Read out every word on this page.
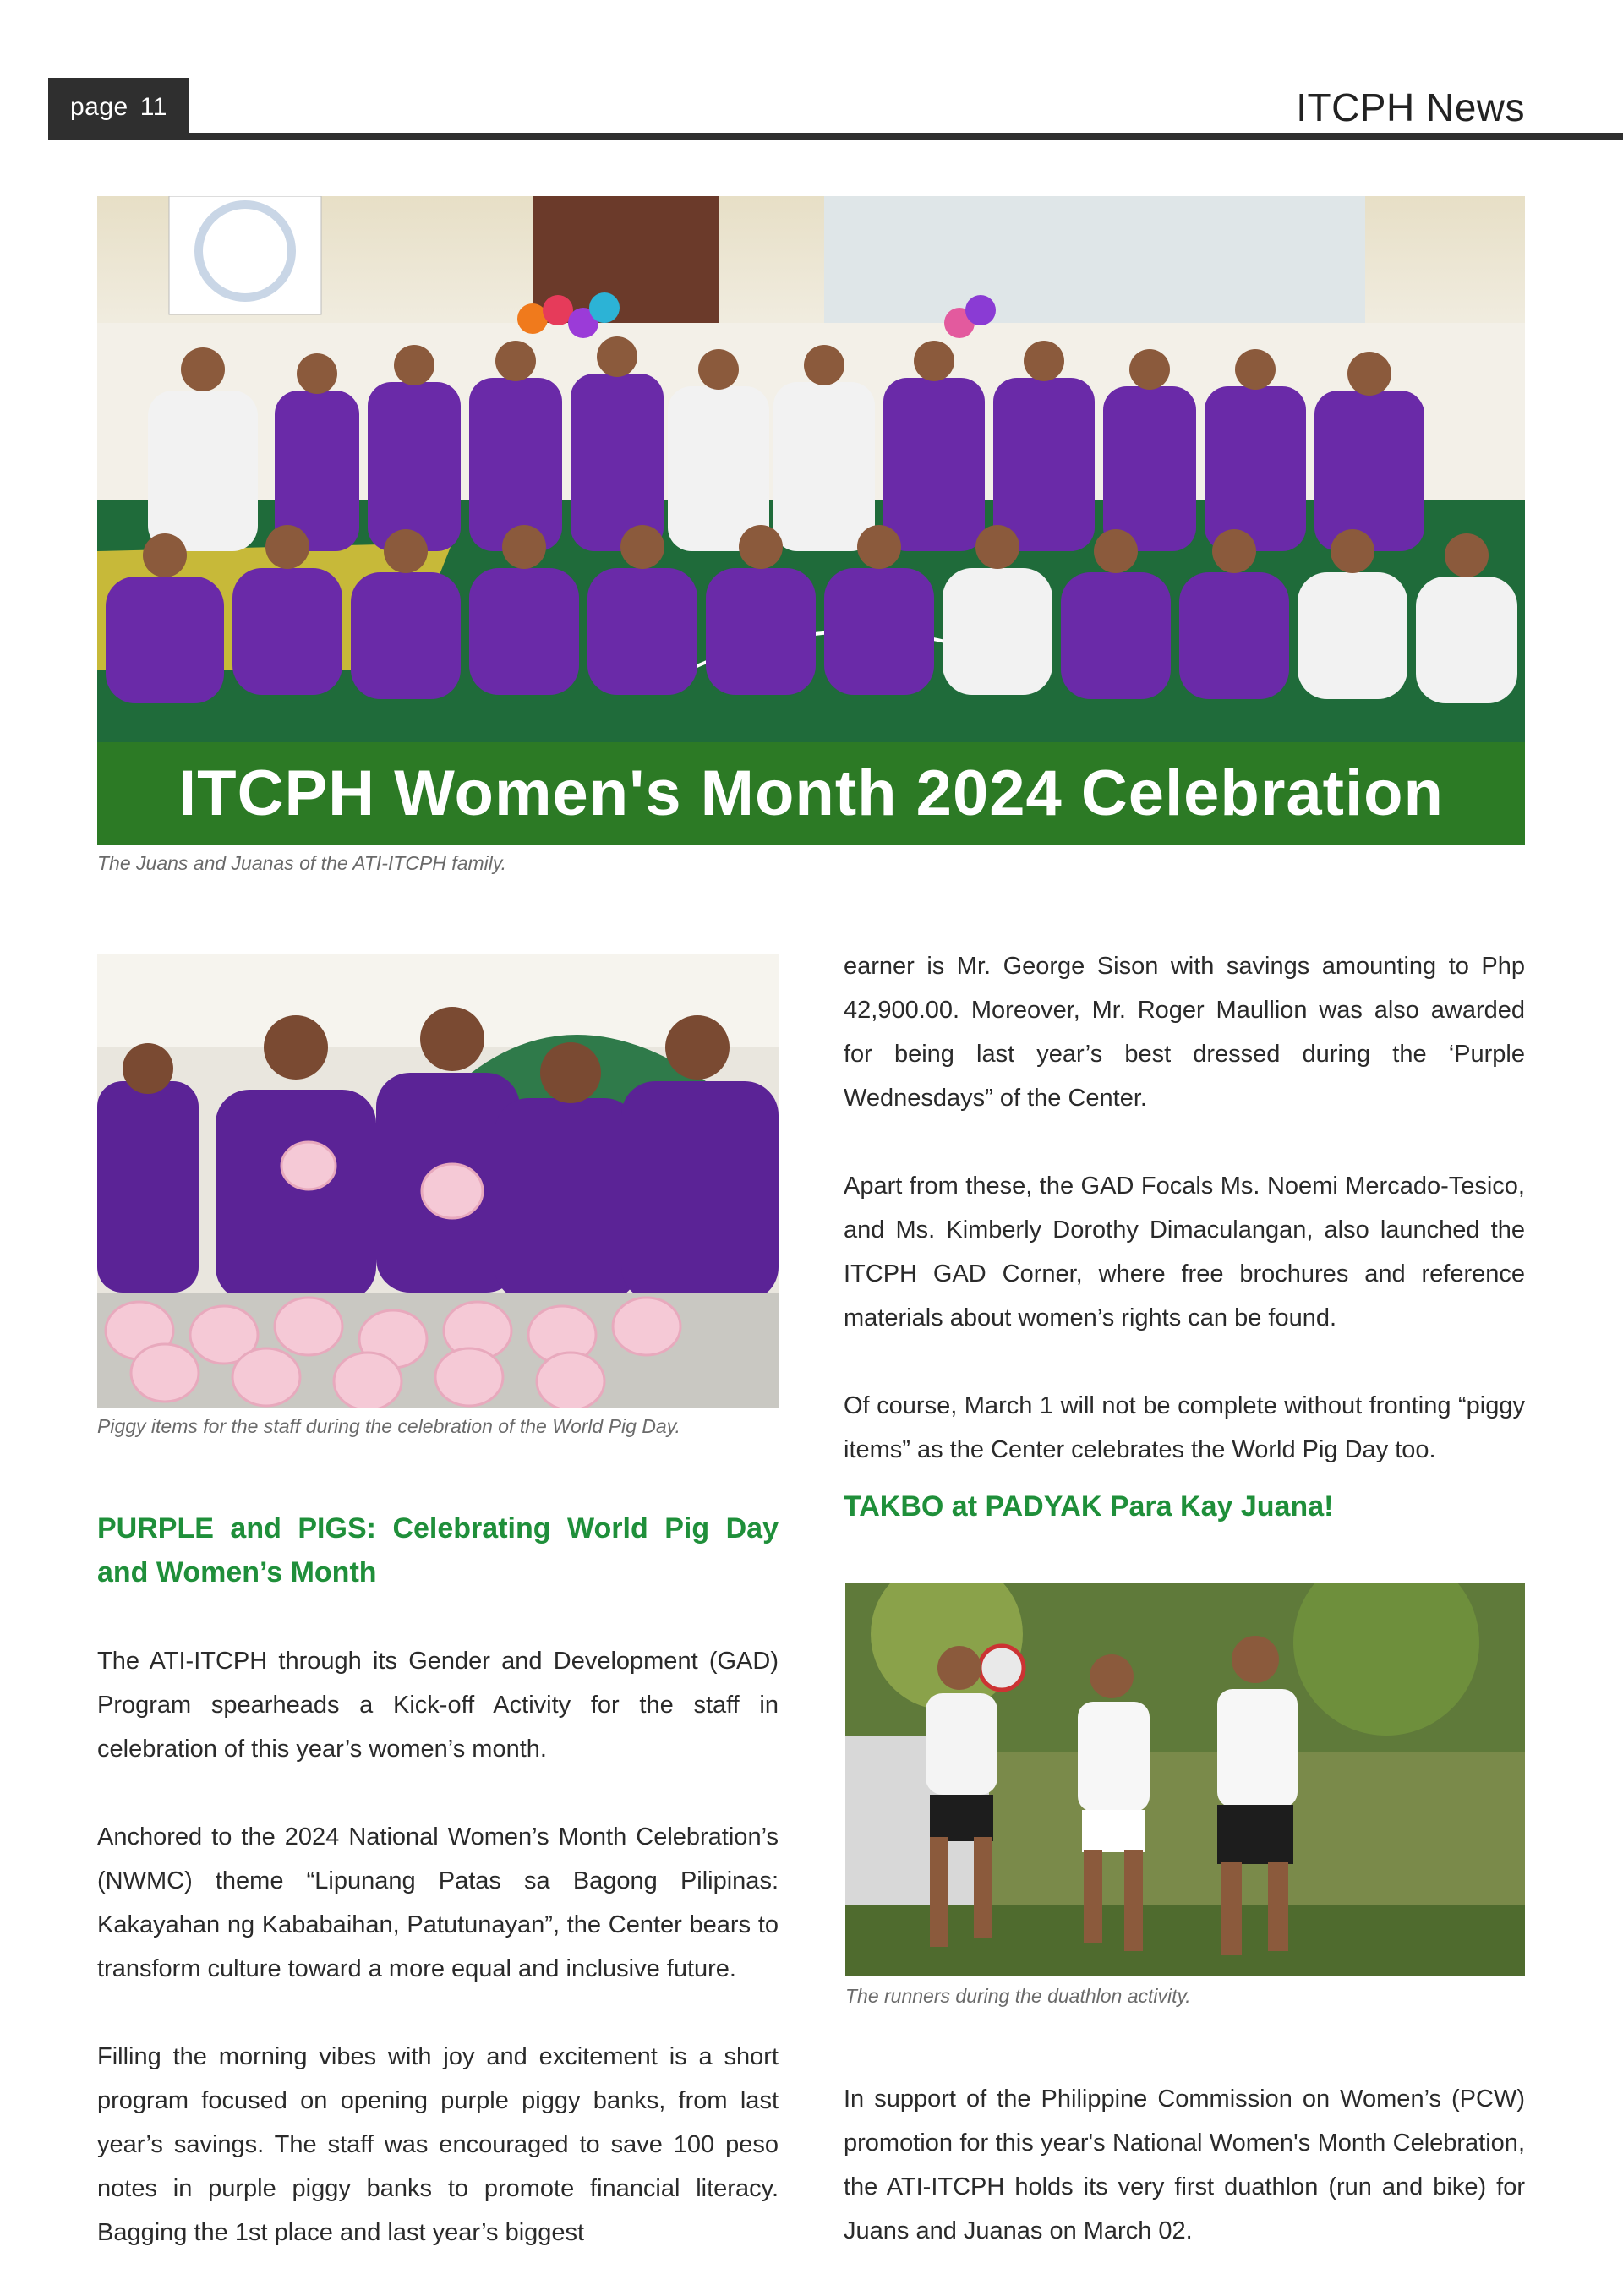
page 11	ITCPH News
ITCPH Women's Month 2024 Celebration
The Juans and Juanas of the ATI-ITCPH family.
Piggy items for the staff during the celebration of the World Pig Day.
PURPLE and PIGS: Celebrating World Pig Day and Women’s Month

The ATI-ITCPH through its Gender and Development (GAD) Program spearheads a Kick-off Activity for the staff in celebration of this year’s women’s month.

Anchored to the 2024 National Women’s Month Celebration’s (NWMC) theme “Lipunang Patas sa Bagong Pilipinas: Kakayahan ng Kababaihan, Patutunayan”, the Center bears to transform culture toward a more equal and inclusive future.

Filling the morning vibes with joy and excitement is a short program focused on opening purple piggy banks, from last year’s savings. The staff was encouraged to save 100 peso notes in purple piggy banks to promote financial literacy. Bagging the 1st place and last year’s biggest

earner is Mr. George Sison with savings amounting to Php 42,900.00. Moreover, Mr. Roger Maullion was also awarded for being last year’s best dressed during the ‘Purple Wednesdays” of the Center.

Apart from these, the GAD Focals Ms. Noemi Mercado-Tesico, and Ms. Kimberly Dorothy Dimaculangan, also launched the ITCPH GAD Corner, where free brochures and reference materials about women’s rights can be found.

Of course, March 1 will not be complete without fronting “piggy items” as the Center celebrates the World Pig Day too.

TAKBO at PADYAK Para Kay Juana!
The runners during the duathlon activity.

In support of the Philippine Commission on Women’s (PCW) promotion for this year's National Women's Month Celebration, the ATI-ITCPH holds its very first duathlon (run and bike) for Juans and Juanas on March 02.
